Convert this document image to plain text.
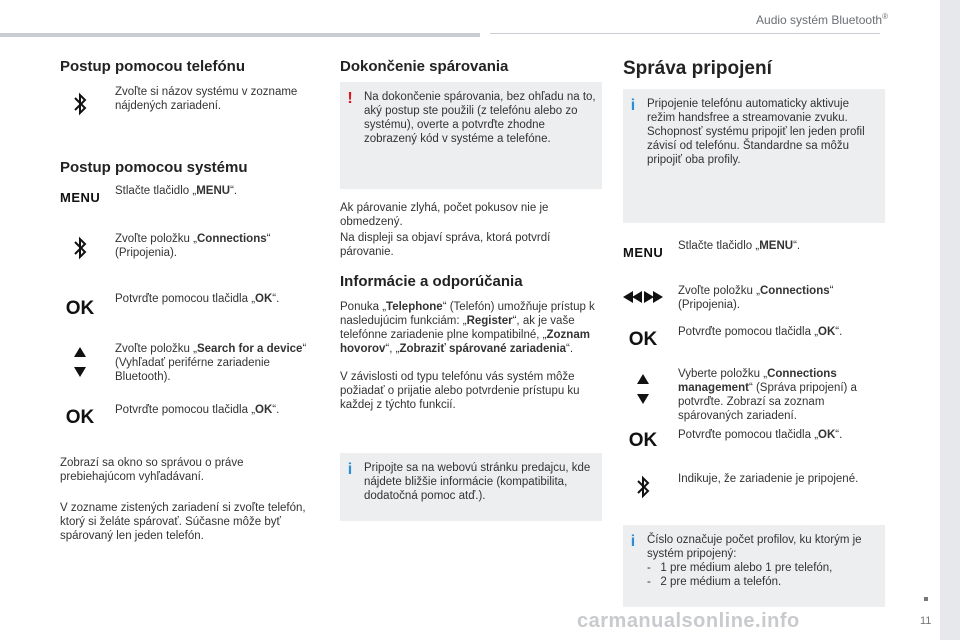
Audio systém Bluetooth®
Postup pomocou telefónu
Zvoľte si názov systému v zozname nájdených zariadení.
Postup pomocou systému
MENU Stlačte tlačidlo „MENU“.
Zvoľte položku „Connections“ (Pripojenia).
OK	Potvrďte pomocou tlačidla „OK“.
Zvoľte položku „Search for a device“ (Vyhľadať periférne zariadenie Bluetooth).
OK	Potvrďte pomocou tlačidla „OK“.
Zobrazí sa okno so správou o práve prebiehajúcom vyhľadávaní.
V zozname zistených zariadení si zvoľte telefón, ktorý si želáte spárovať. Súčasne môže byť spárovaný len jeden telefón.
Dokončenie spárovania
! Na dokončenie spárovania, bez ohľadu na to, aký postup ste použili (z telefónu alebo zo systému), overte a potvrďte zhodne zobrazený kód v systéme a telefóne.
Ak párovanie zlyhá, počet pokusov nie je obmedzený.
Na displeji sa objaví správa, ktorá potvrdí párovanie.
Informácie a odporúčania
Ponuka „Telephone“ (Telefón) umožňuje prístup k nasledujúcim funkciám: „Register“, ak je vaše telefónne zariadenie plne kompatibilné, „Zoznam hovorov“, „Zobraziť spárované zariadenia“.
V závislosti od typu telefónu vás systém môže požiadať o prijatie alebo potvrdenie prístupu ku každej z týchto funkcií.
i Pripojte sa na webovú stránku predajcu, kde nájdete bližšie informácie (kompatibilita, dodatočná pomoc atď.).
Správa pripojení
i Pripojenie telefónu automaticky aktivuje režim handsfree a streamovanie zvuku. Schopnosť systému pripojiť len jeden profil závisí od telefónu. Štandardne sa môžu pripojiť oba profily.
MENU Stlačte tlačidlo „MENU“.
Zvoľte položku „Connections“ (Pripojenia).
OK	Potvrďte pomocou tlačidla „OK“.
Vyberte položku „Connections management“ (Správa pripojení) a potvrďte. Zobrazí sa zoznam spárovaných zariadení.
OK	Potvrďte pomocou tlačidla „OK“.
Indikuje, že zariadenie je pripojené.
i Číslo označuje počet profilov, ku ktorým je systém pripojený:
-   1 pre médium alebo 1 pre telefón,
-   2 pre médium a telefón.
carmanualsonline.info	11
